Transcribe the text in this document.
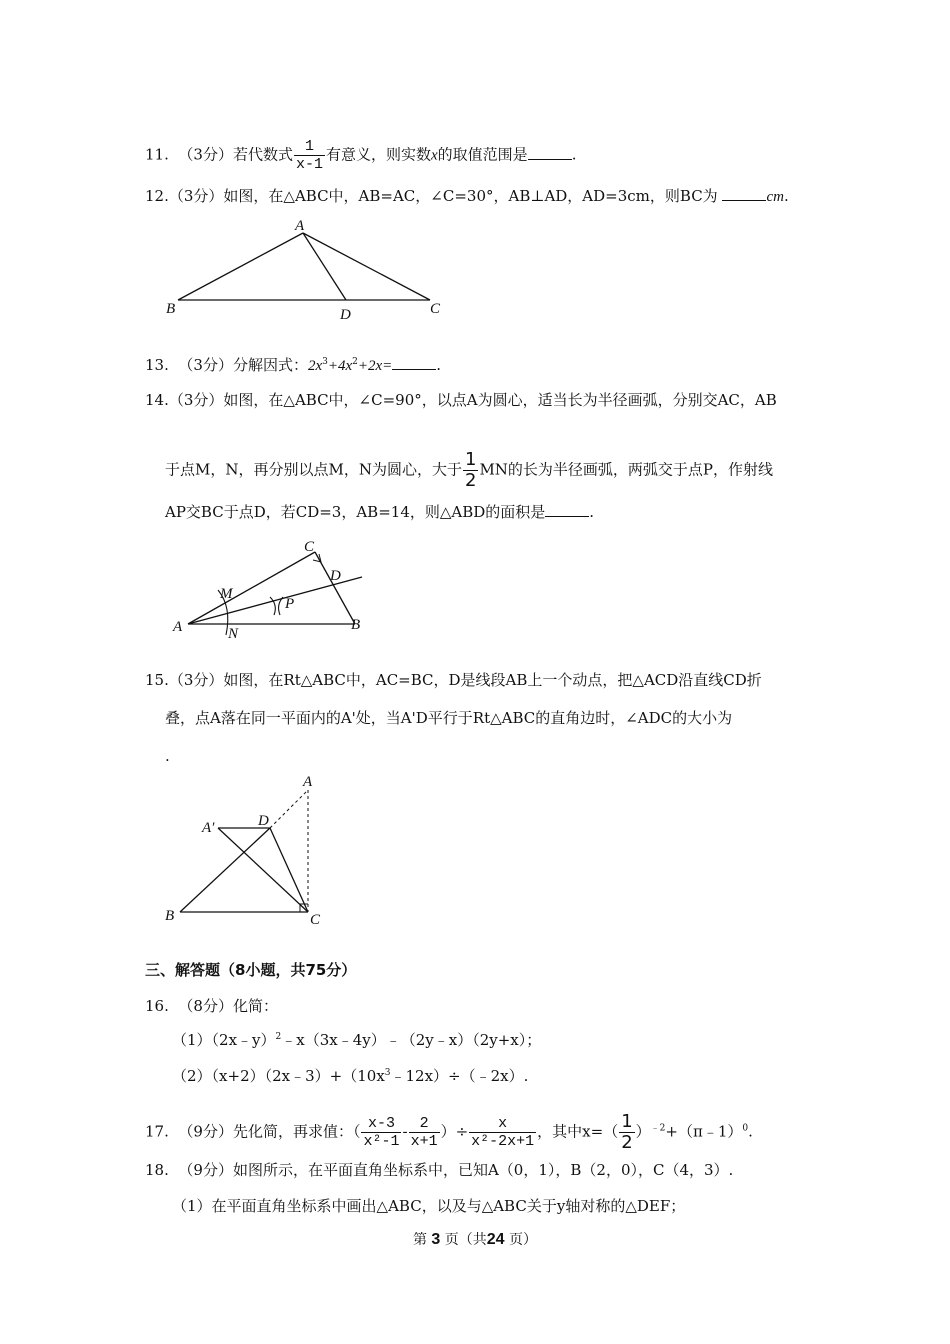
11. （3分）若代数式 $\frac{1}{x-1}$ 有意义，则实数x的取值范围是	.
12.（3分）如图，在△ABC中，AB=AC，∠C=30°，AB⊥AD，AD=3cm，则BC为	cm.
A
B	D	C
13. （3分）分解因式：$2x^3+4x^2+2x=$	.
14.（3分）如图，在△ABC中，∠C=90°，以点A为圆心，适当长为半径画弧，分别交AC，AB
于点M，N，再分别以点M，N为圆心，大于 $\frac{1}{2}$ MN的长为半径画弧，两弧交于点P，作射线
AP交BC于点D，若CD=3，AB=14，则△ABD的面积是	.
A
M
N
P
C
D
B
15.（3分）如图，在Rt△ABC中，AC=BC，D是线段AB上一个动点，把△ACD沿直线CD折
叠，点A落在同一平面内的A'处，当A'D平行于Rt△ABC的直角边时，∠ADC的大小为
.
A
A′	D
B	C
三、解答题（8小题，共75分）
16. （8分）化简：
（1）（2x﹣y）$^2$﹣x（3x﹣4y）﹣（2y﹣x）（2y+x）；
$(2)(x+2)(2x﹣3)+(10x^3﹣12x)\div(﹣2x)$.
17. （9分）先化简，再求值：（ $\frac{x-3}{\text{x²-1}} - \frac{2}{x+1}$ ）÷ $\frac{x}{\text{x²-2x+1}}$ ，其中$x=( \frac{1}{2}$ ）$^{﹣2}+(\pi﹣1)^0$.
18. （9分）如图所示，在平面直角坐标系中，已知A（0，1），B（2，0），C（4，3）.
（1）在平面直角坐标系中画出△ABC，以及与△ABC关于y轴对称的△DEF；
第 3 页（共24 页）
